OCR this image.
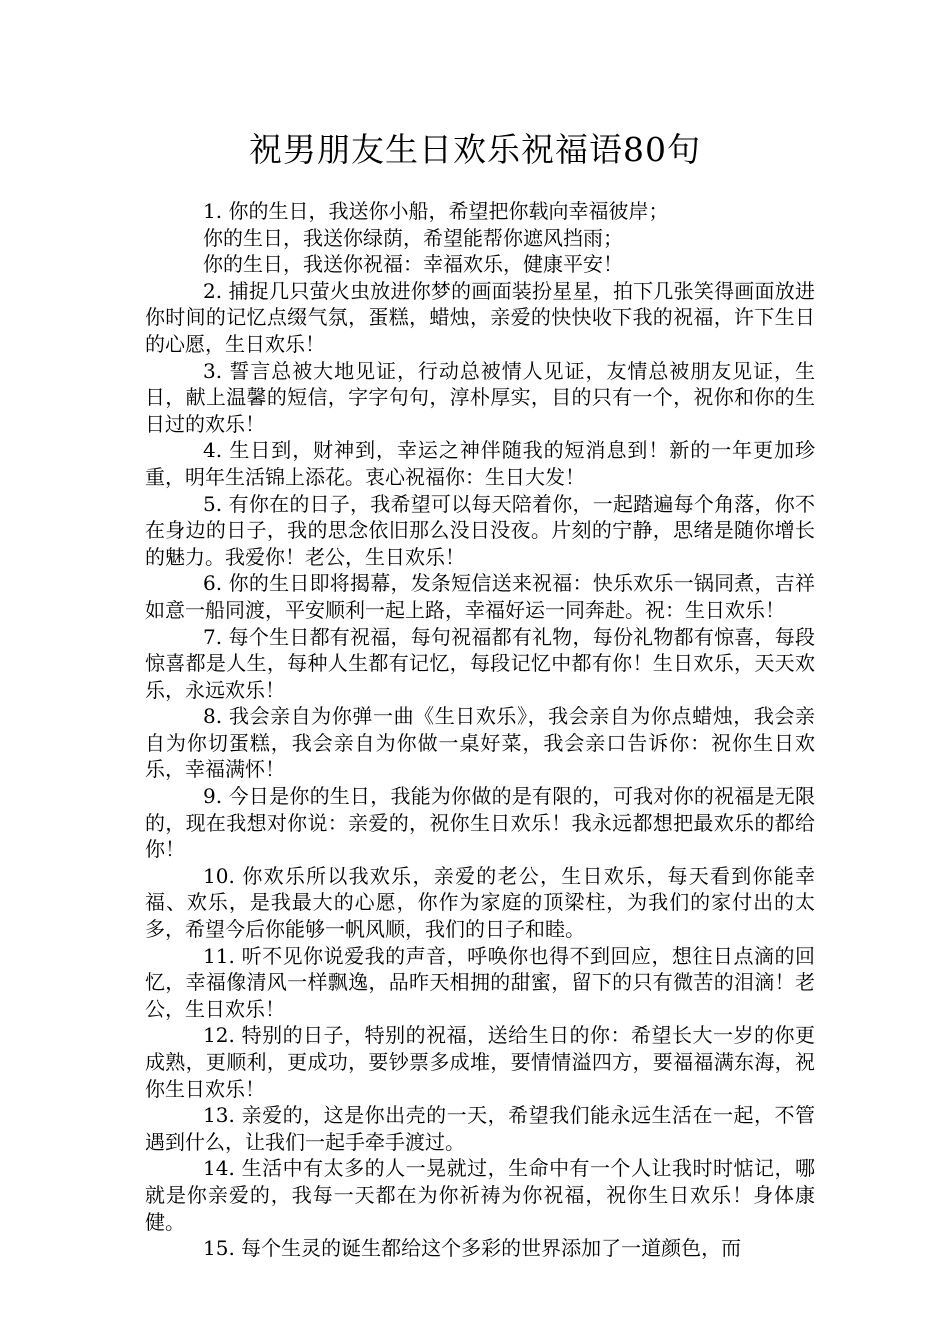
祝男朋友生日欢乐祝福语80句

1. 你的生日，我送你小船，希望把你载向幸福彼岸；

你的生日，我送你绿荫，希望能帮你遮风挡雨；

你的生日，我送你祝福：幸福欢乐，健康平安！

2. 捕捉几只萤火虫放进你梦的画面装扮星星，拍下几张笑得画面放进你时间的记忆点缀气氛，蛋糕，蜡烛，亲爱的快快收下我的祝福，许下生日的心愿，生日欢乐！

3. 誓言总被大地见证，行动总被情人见证，友情总被朋友见证，生日，献上温馨的短信，字字句句，淳朴厚实，目的只有一个，祝你和你的生日过的欢乐！

4. 生日到，财神到，幸运之神伴随我的短消息到！新的一年更加珍重，明年生活锦上添花。衷心祝福你：生日大发！

5. 有你在的日子，我希望可以每天陪着你，一起踏遍每个角落，你不在身边的日子，我的思念依旧那么没日没夜。片刻的宁静，思绪是随你增长的魅力。我爱你！老公，生日欢乐！

6. 你的生日即将揭幕，发条短信送来祝福：快乐欢乐一锅同煮，吉祥如意一船同渡，平安顺利一起上路，幸福好运一同奔赴。祝：生日欢乐！

7. 每个生日都有祝福，每句祝福都有礼物，每份礼物都有惊喜，每段惊喜都是人生，每种人生都有记忆，每段记忆中都有你！生日欢乐，天天欢乐，永远欢乐！

8. 我会亲自为你弹一曲《生日欢乐》，我会亲自为你点蜡烛，我会亲自为你切蛋糕，我会亲自为你做一桌好菜，我会亲口告诉你：祝你生日欢乐，幸福满怀！

9. 今日是你的生日，我能为你做的是有限的，可我对你的祝福是无限的，现在我想对你说：亲爱的，祝你生日欢乐！我永远都想把最欢乐的都给你！

10. 你欢乐所以我欢乐，亲爱的老公，生日欢乐，每天看到你能幸福、欢乐，是我最大的心愿，你作为家庭的顶梁柱，为我们的家付出的太多，希望今后你能够一帆风顺，我们的日子和睦。

11. 听不见你说爱我的声音，呼唤你也得不到回应，想往日点滴的回忆，幸福像清风一样飘逸，品昨天相拥的甜蜜，留下的只有微苦的泪滴！老公，生日欢乐！

12. 特别的日子，特别的祝福，送给生日的你：希望长大一岁的你更成熟，更顺利，更成功，要钞票多成堆，要情情溢四方，要福福满东海，祝你生日欢乐！

13. 亲爱的，这是你出壳的一天，希望我们能永远生活在一起，不管遇到什么，让我们一起手牵手渡过。

14. 生活中有太多的人一晃就过，生命中有一个人让我时时惦记，哪就是你亲爱的，我每一天都在为你祈祷为你祝福，祝你生日欢乐！身体康健。

15. 每个生灵的诞生都给这个多彩的世界添加了一道颜色，而
